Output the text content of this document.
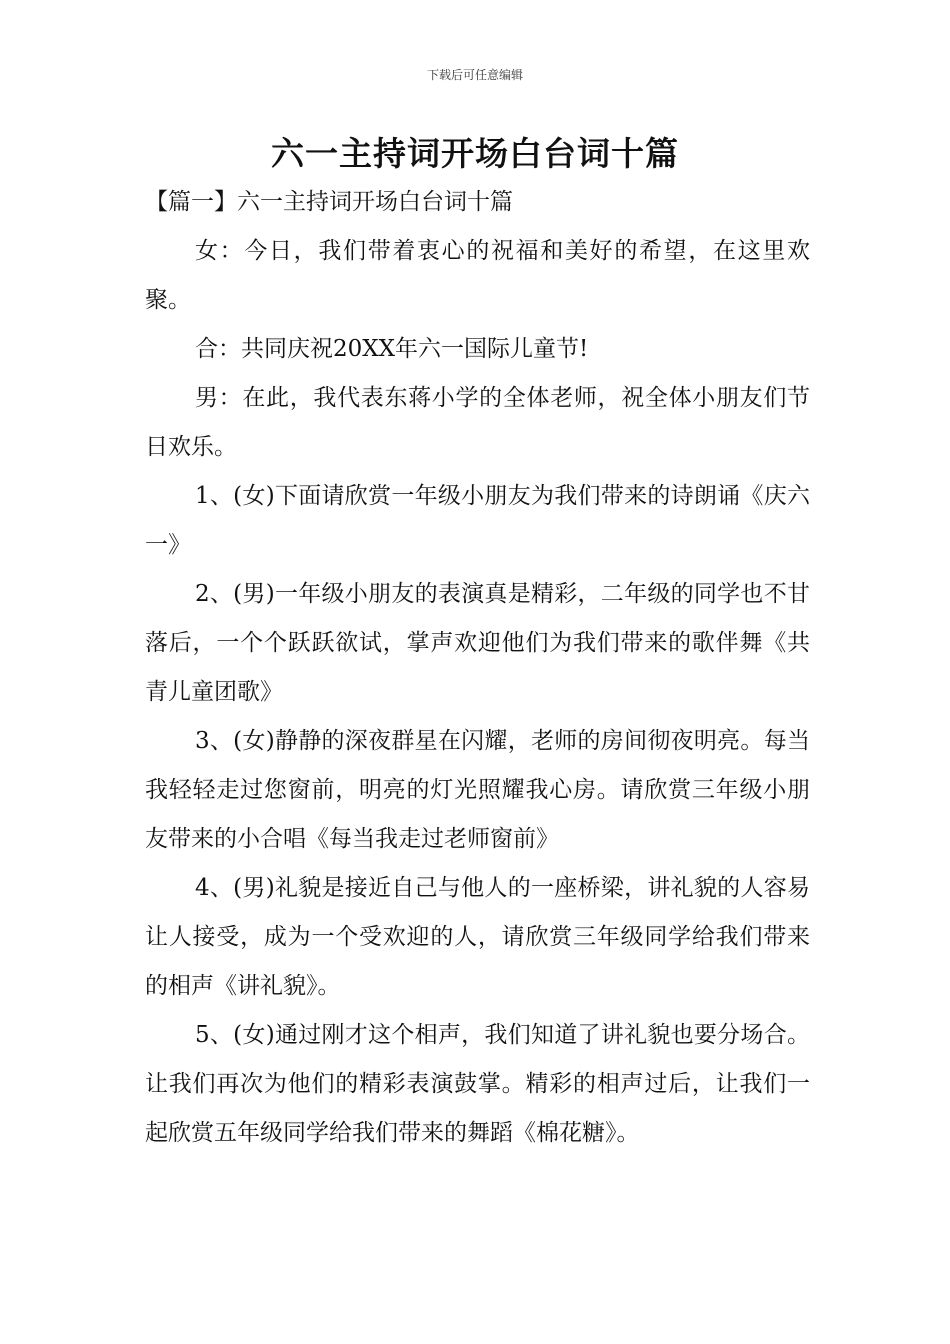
下载后可任意编辑
六一主持词开场白台词十篇
【篇一】六一主持词开场白台词十篇

女：今日，我们带着衷心的祝福和美好的希望，在这里欢聚。

合：共同庆祝20XX年六一国际儿童节!

男：在此，我代表东蒋小学的全体老师，祝全体小朋友们节日欢乐。

1、(女)下面请欣赏一年级小朋友为我们带来的诗朗诵《庆六一》

2、(男)一年级小朋友的表演真是精彩，二年级的同学也不甘落后，一个个跃跃欲试，掌声欢迎他们为我们带来的歌伴舞《共青儿童团歌》

3、(女)静静的深夜群星在闪耀，老师的房间彻夜明亮。每当我轻轻走过您窗前，明亮的灯光照耀我心房。请欣赏三年级小朋友带来的小合唱《每当我走过老师窗前》

4、(男)礼貌是接近自己与他人的一座桥梁，讲礼貌的人容易让人接受，成为一个受欢迎的人，请欣赏三年级同学给我们带来的相声《讲礼貌》。

5、(女)通过刚才这个相声，我们知道了讲礼貌也要分场合。让我们再次为他们的精彩表演鼓掌。精彩的相声过后，让我们一起欣赏五年级同学给我们带来的舞蹈《棉花糖》。
